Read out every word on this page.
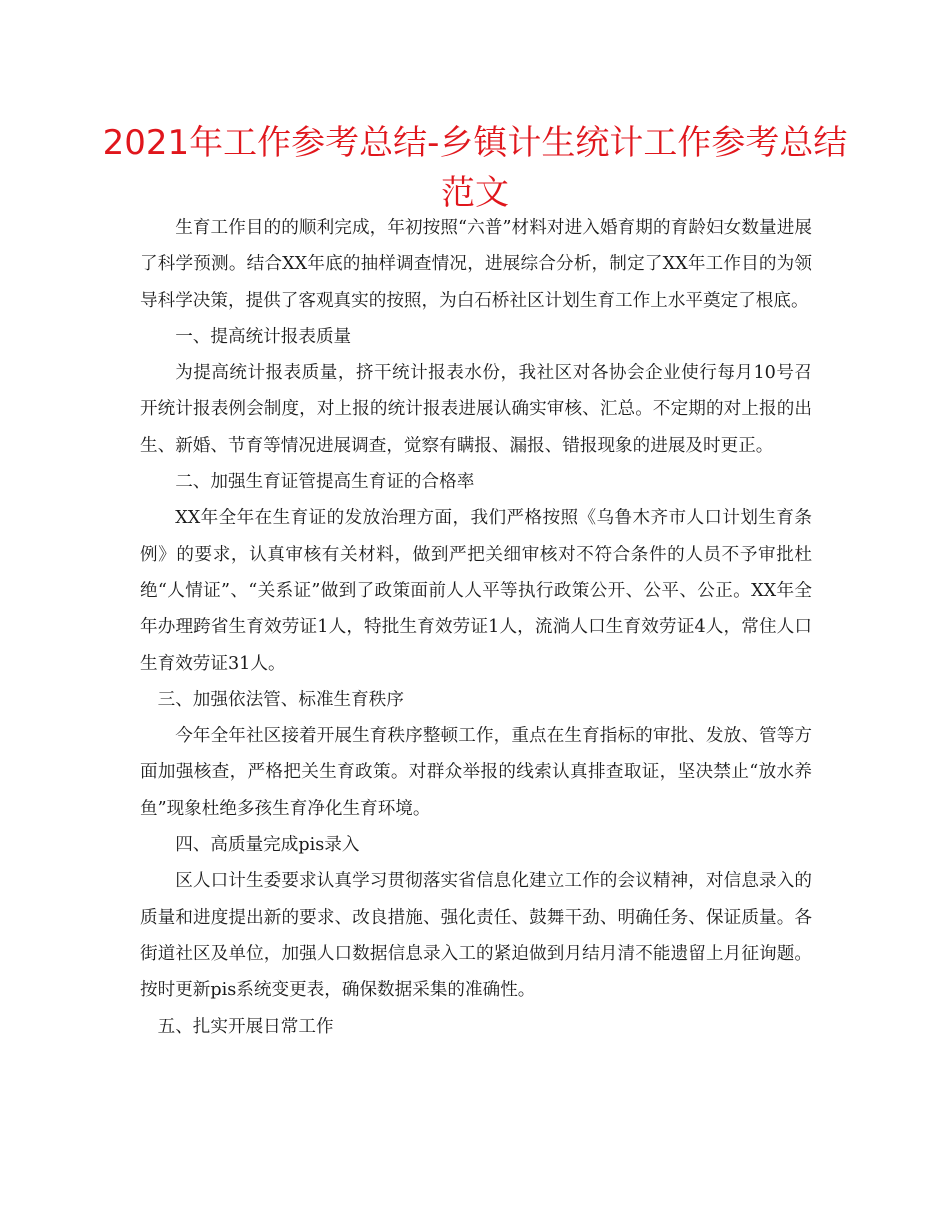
2021年工作参考总结-乡镇计生统计工作参考总结范文

生育工作目的的顺利完成，年初按照“六普”材料对进入婚育期的育龄妇女数量进展了科学预测。结合XX年底的抽样调查情况，进展综合分析，制定了XX年工作目的为领导科学决策，提供了客观真实的按照，为白石桥社区计划生育工作上水平奠定了根底。

一、提高统计报表质量

为提高统计报表质量，挤干统计报表水份，我社区对各协会企业使行每月10号召开统计报表例会制度，对上报的统计报表进展认确实审核、汇总。不定期的对上报的出生、新婚、节育等情况进展调查，觉察有瞒报、漏报、错报现象的进展及时更正。

二、加强生育证管提高生育证的合格率

XX年全年在生育证的发放治理方面，我们严格按照《乌鲁木齐市人口计划生育条例》的要求，认真审核有关材料，做到严把关细审核对不符合条件的人员不予审批杜绝“人情证”、“关系证”做到了政策面前人人平等执行政策公开、公平、公正。XX年全年办理跨省生育效劳证1人，特批生育效劳证1人，流淌人口生育效劳证4人，常住人口生育效劳证31人。

三、加强依法管、标准生育秩序

今年全年社区接着开展生育秩序整顿工作，重点在生育指标的审批、发放、管等方面加强核查，严格把关生育政策。对群众举报的线索认真排查取证，坚决禁止“放水养鱼”现象杜绝多孩生育净化生育环境。

四、高质量完成pis录入

区人口计生委要求认真学习贯彻落实省信息化建立工作的会议精神，对信息录入的质量和进度提出新的要求、改良措施、强化责任、鼓舞干劲、明确任务、保证质量。各街道社区及单位，加强人口数据信息录入工的紧迫做到月结月清不能遗留上月征询题。按时更新pis系统变更表，确保数据采集的准确性。

五、扎实开展日常工作
